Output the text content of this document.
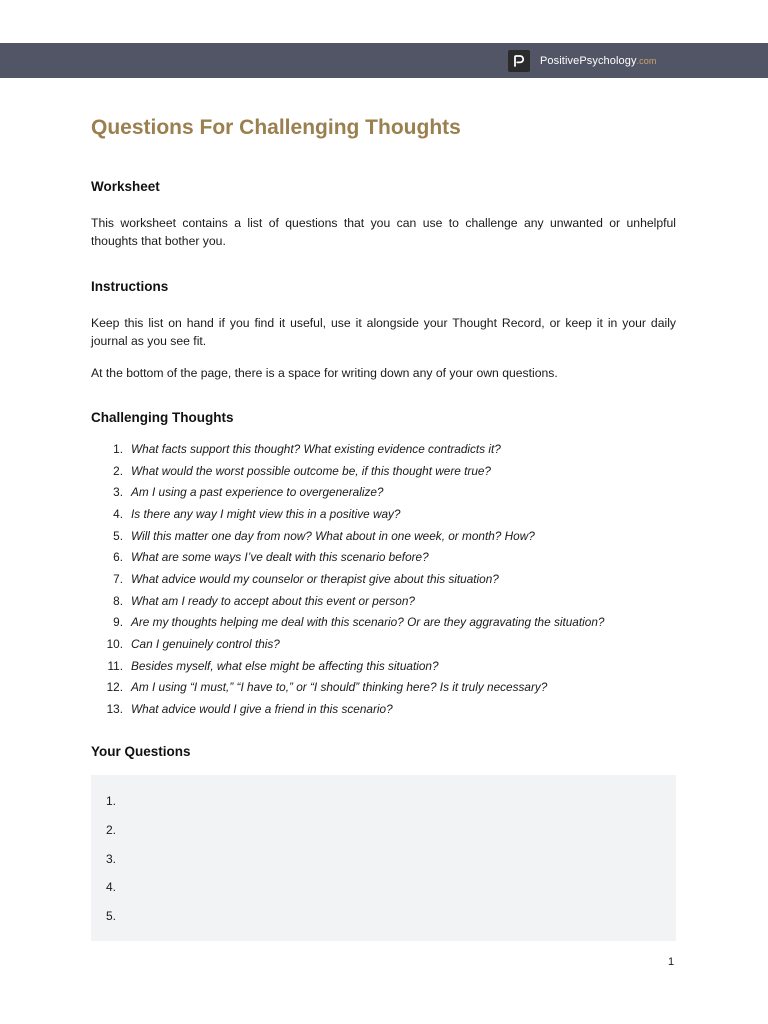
PositivePsychology.com
Questions For Challenging Thoughts
Worksheet

This worksheet contains a list of questions that you can use to challenge any unwanted or unhelpful thoughts that bother you.

Instructions

Keep this list on hand if you find it useful, use it alongside your Thought Record, or keep it in your daily journal as you see fit.

At the bottom of the page, there is a space for writing down any of your own questions.

Challenging Thoughts
1. What facts support this thought? What existing evidence contradicts it?
2. What would the worst possible outcome be, if this thought were true?
3. Am I using a past experience to overgeneralize?
4. Is there any way I might view this in a positive way?
5. Will this matter one day from now? What about in one week, or month? How?
6. What are some ways I’ve dealt with this scenario before?
7. What advice would my counselor or therapist give about this situation?
8. What am I ready to accept about this event or person?
9. Are my thoughts helping me deal with this scenario? Or are they aggravating the situation?
10. Can I genuinely control this?
11. Besides myself, what else might be affecting this situation?
12. Am I using “I must,” “I have to,” or “I should” thinking here? Is it truly necessary?
13. What advice would I give a friend in this scenario?
Your Questions
1.
2.
3.
4.
5.
1
